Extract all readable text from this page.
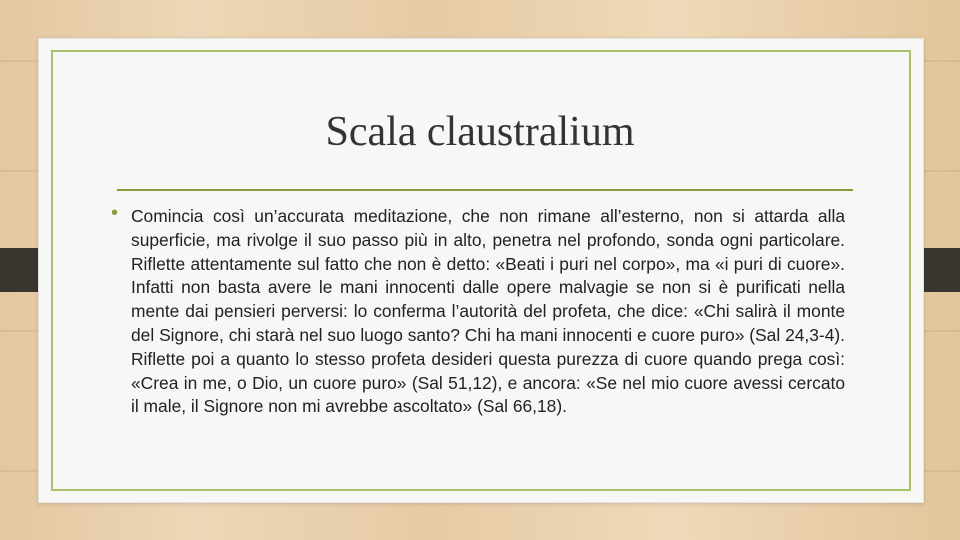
Scala claustralium
• Comincia così un’accurata meditazione, che non rimane all’esterno, non si attarda alla superficie, ma rivolge il suo passo più in alto, penetra nel profondo, sonda ogni particolare. Riflette attentamente sul fatto che non è detto: «Beati i puri nel corpo», ma «i puri di cuore». Infatti non basta avere le mani innocenti dalle opere malvagie se non si è purificati nella mente dai pensieri perversi: lo conferma l’autorità del profeta, che dice: «Chi salirà il monte del Signore, chi starà nel suo luogo santo? Chi ha mani innocenti e cuore puro» (Sal 24,3-4). Riflette poi a quanto lo stesso profeta desideri questa purezza di cuore quando prega così: «Crea in me, o Dio, un cuore puro» (Sal 51,12), e ancora: «Se nel mio cuore avessi cercato il male, il Signore non mi avrebbe ascoltato» (Sal 66,18).
